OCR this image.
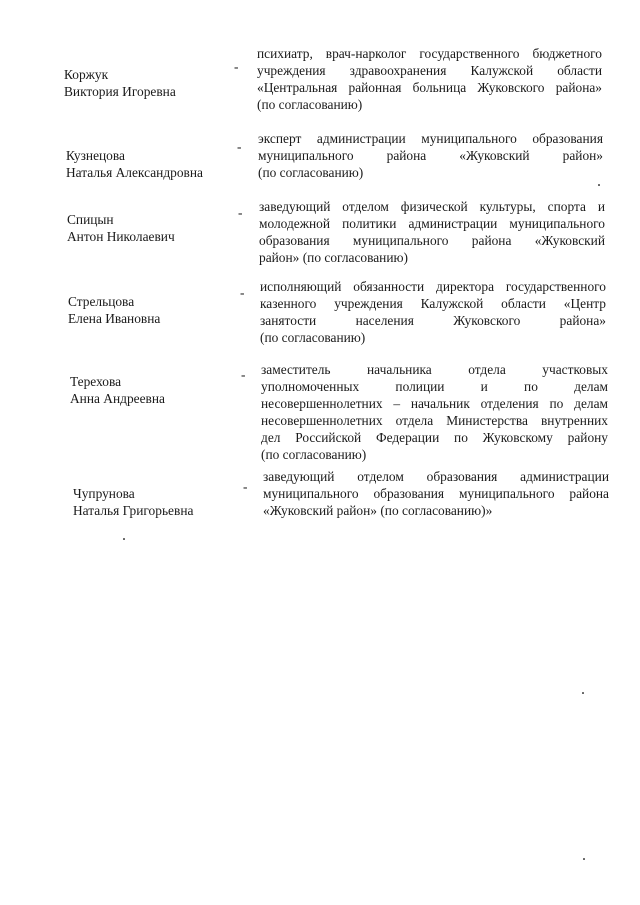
Коржук
Виктория Игоревна
-
психиатр, врач-нарколог государственного бюджетного
учреждения здравоохранения Калужской области
«Центральная районная больница Жуковского района»
(по согласованию)
Кузнецова
Наталья Александровна
-
эксперт администрации муниципального образования
муниципального района «Жуковский район»
(по согласованию)
Спицын
Антон Николаевич
- заведующий отделом физической культуры, спорта и
молодежной политики администрации муниципального
образования муниципального района «Жуковский
район» (по согласованию)
Стрельцова
Елена Ивановна
- исполняющий обязанности директора государственного
казенного учреждения Калужской области «Центр
занятости населения Жуковского района»
(по согласованию)
Терехова
Анна Андреевна
- заместитель начальника отдела участковых
уполномоченных полиции и по делам
несовершеннолетних – начальник отделения по делам
несовершеннолетних отдела Министерства внутренних
дел Российской Федерации по Жуковскому району
(по согласованию)
Чупрунова
Наталья Григорьевна
-
заведующий отделом образования администрации
муниципального образования муниципального района
«Жуковский район» (по согласованию)»
